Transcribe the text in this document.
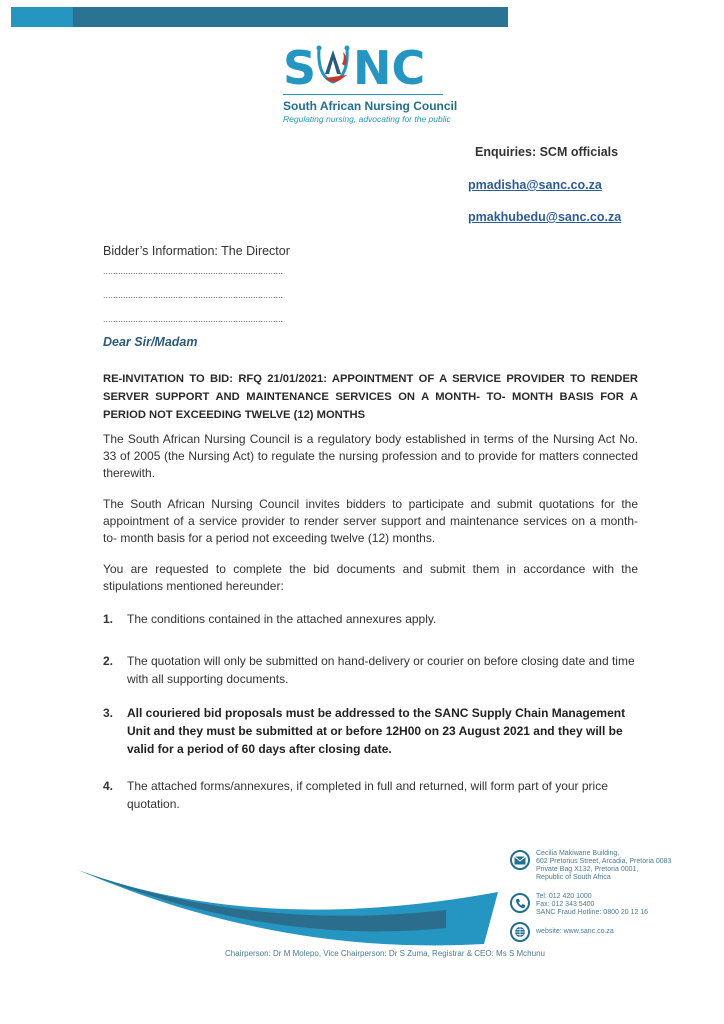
S NC
South African Nursing Council
Regulating nursing, advocating for the public
Enquiries: SCM officials
pmadisha@sanc.co.za
pmakhubedu@sanc.co.za
Bidder’s Information: The Director
........................................................................
........................................................................
........................................................................
Dear Sir/Madam
RE-INVITATION TO BID: RFQ 21/01/2021: APPOINTMENT OF A SERVICE PROVIDER TO RENDER SERVER SUPPORT AND MAINTENANCE SERVICES ON A MONTH- TO- MONTH BASIS FOR A PERIOD NOT EXCEEDING TWELVE (12) MONTHS
The South African Nursing Council is a regulatory body established in terms of the Nursing Act No. 33 of 2005 (the Nursing Act) to regulate the nursing profession and to provide for matters connected therewith.
The South African Nursing Council invites bidders to participate and submit quotations for the appointment of a service provider to render server support and maintenance services on a month- to- month basis for a period not exceeding twelve (12) months.
You are requested to complete the bid documents and submit them in accordance with the stipulations mentioned hereunder:
1.	The conditions contained in the attached annexures apply.
2.	The quotation will only be submitted on hand-delivery or courier on before closing date and time with all supporting documents.
3.	All couriered bid proposals must be addressed to the SANC Supply Chain Management Unit and they must be submitted at or before 12H00 on 23 August 2021 and they will be valid for a period of 60 days after closing date.
4.	The attached forms/annexures, if completed in full and returned, will form part of your price quotation.
Cecilia Makiwane Building,
602 Pretorius Street, Arcadia, Pretoria 0083
Private Bag X132, Pretoria 0001,
Republic of South Africa
Tel: 012 420 1000
Fax: 012 343 5400
SANC Fraud Hotline: 0800 20 12 16
website: www.sanc.co.za
Chairperson: Dr M Molepo, Vice Chairperson: Dr S Zuma, Registrar & CEO: Ms S Mchunu
